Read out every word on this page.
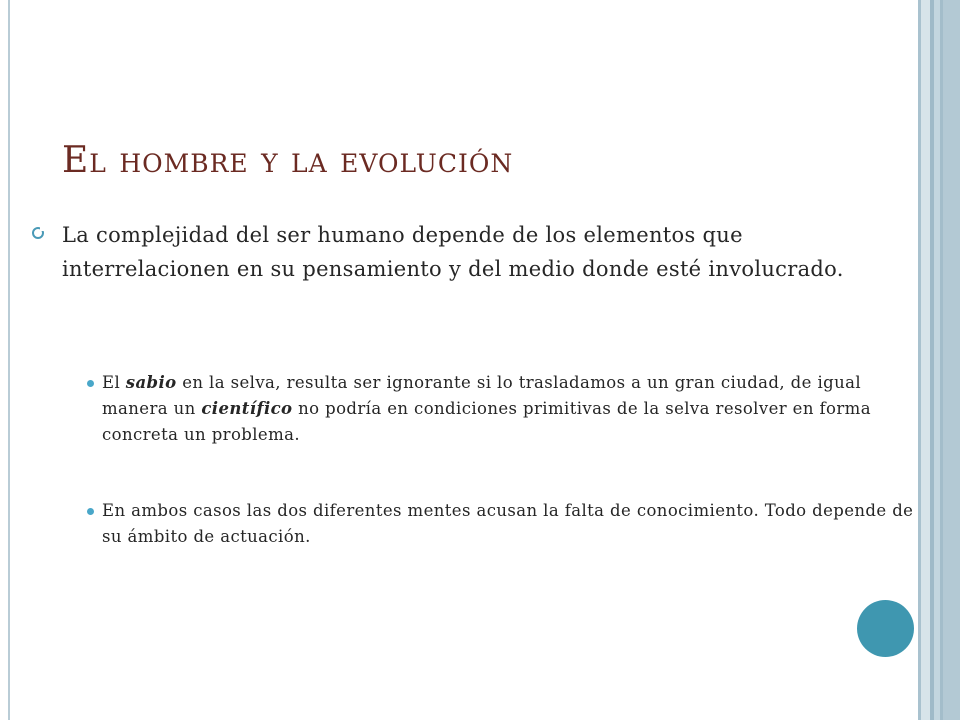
El hombre y la evolución
La complejidad del ser humano depende de los elementos que interrelacionen en su pensamiento y del medio donde esté involucrado.
El sabio en la selva, resulta ser ignorante si lo trasladamos a un gran ciudad, de igual manera un científico no podría en condiciones primitivas de la selva resolver en forma concreta un problema.
En ambos casos las dos diferentes mentes acusan la falta de conocimiento. Todo depende de su ámbito de actuación.
